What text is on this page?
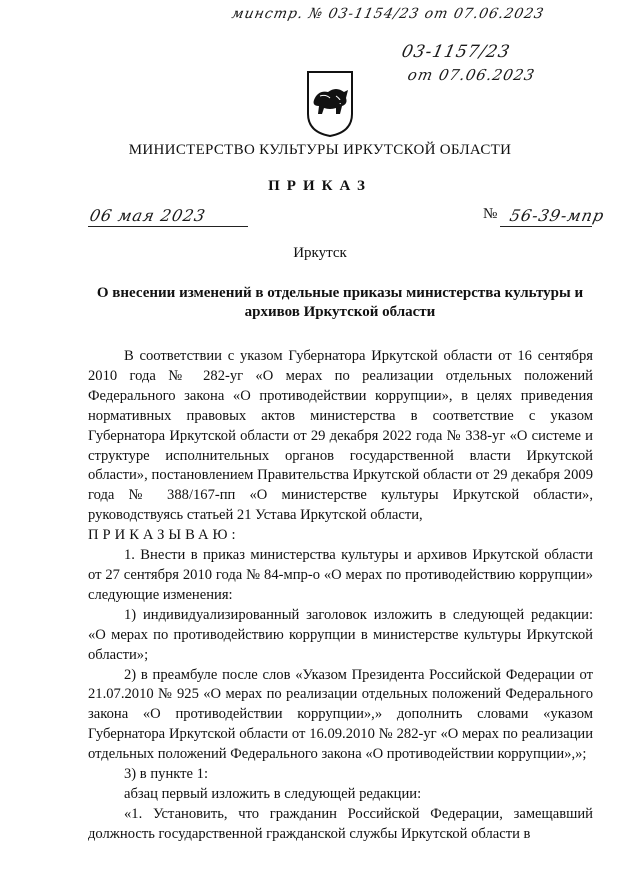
минстр. № 03-1154/23 от 07.06.2023
03-1157/23
от 07.06.2023
МИНИСТЕРСТВО КУЛЬТУРЫ ИРКУТСКОЙ ОБЛАСТИ
ПРИКАЗ
06 мая 2023	№ 56-39-мпр
Иркутск
О внесении изменений в отдельные приказы министерства культуры и архивов Иркутской области

В соответствии с указом Губернатора Иркутской области от 16 сентября 2010 года № 282-уг «О мерах по реализации отдельных положений Федерального закона «О противодействии коррупции», в целях приведения нормативных правовых актов министерства в соответствие с указом Губернатора Иркутской области от 29 декабря 2022 года № 338-уг «О системе и структуре исполнительных органов государственной власти Иркутской области», постановлением Правительства Иркутской области от 29 декабря 2009 года № 388/167-пп «О министерстве культуры Иркутской области», руководствуясь статьей 21 Устава Иркутской области,

ПРИКАЗЫВАЮ:

1. Внести в приказ министерства культуры и архивов Иркутской области от 27 сентября 2010 года № 84-мпр-о «О мерах по противодействию коррупции» следующие изменения:

1) индивидуализированный заголовок изложить в следующей редакции: «О мерах по противодействию коррупции в министерстве культуры Иркутской области»;

2) в преамбуле после слов «Указом Президента Российской Федерации от 21.07.2010 № 925 «О мерах по реализации отдельных положений Федерального закона «О противодействии коррупции»,» дополнить словами «указом Губернатора Иркутской области от 16.09.2010 № 282-уг «О мерах по реализации отдельных положений Федерального закона «О противодействии коррупции»,»;

3) в пункте 1:

абзац первый изложить в следующей редакции:

«1. Установить, что гражданин Российской Федерации, замещавший должность государственной гражданской службы Иркутской области в
